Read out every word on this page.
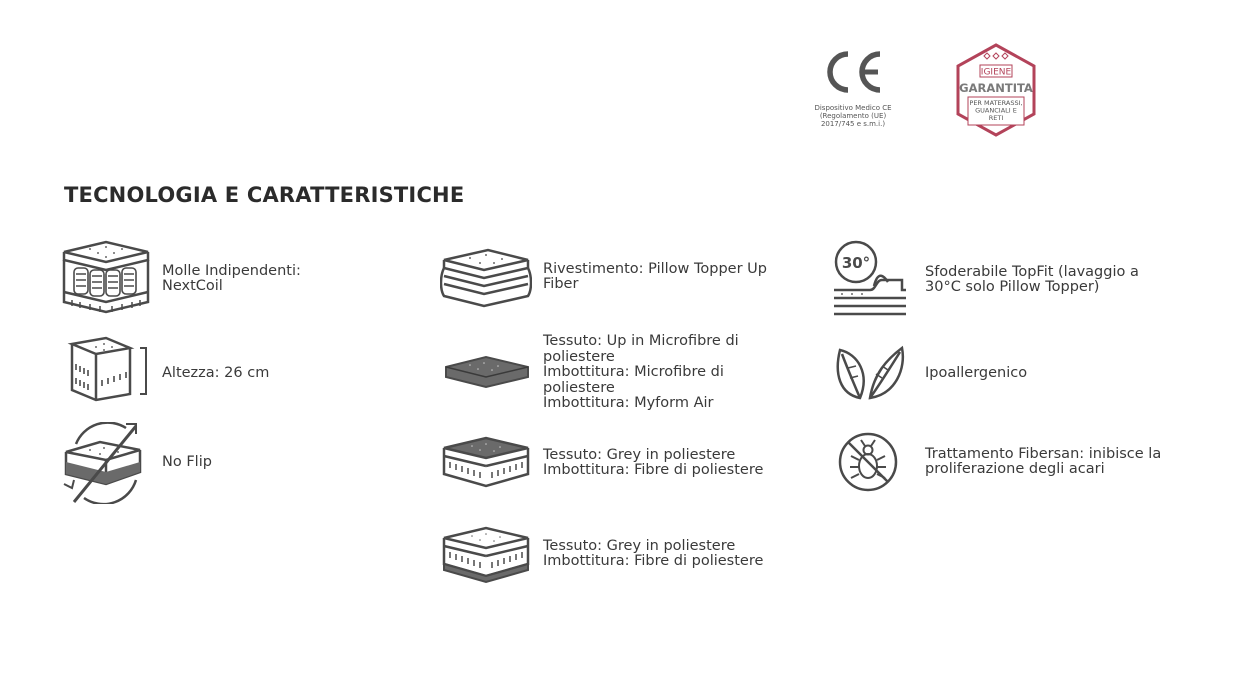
Dispositivo Medico CE
(Regolamento (UE)
2017/745 e s.m.i.)
IGIENE
GARANTITA
PER MATERASSI,
GUANCIALI E
RETI
TECNOLOGIA E CARATTERISTICHE
Molle Indipendenti:
NextCoil
Altezza: 26 cm
No Flip
Rivestimento: Pillow Topper Up
Fiber
Tessuto: Up in Microfibre di
poliestere
Imbottitura: Microfibre di
poliestere
Imbottitura: Myform Air
Tessuto: Grey in poliestere
Imbottitura: Fibre di poliestere
Tessuto: Grey in poliestere
Imbottitura: Fibre di poliestere
30°	Sfoderabile TopFit (lavaggio a
30°C solo Pillow Topper)
Ipoallergenico
Trattamento Fibersan: inibisce la
proliferazione degli acari
